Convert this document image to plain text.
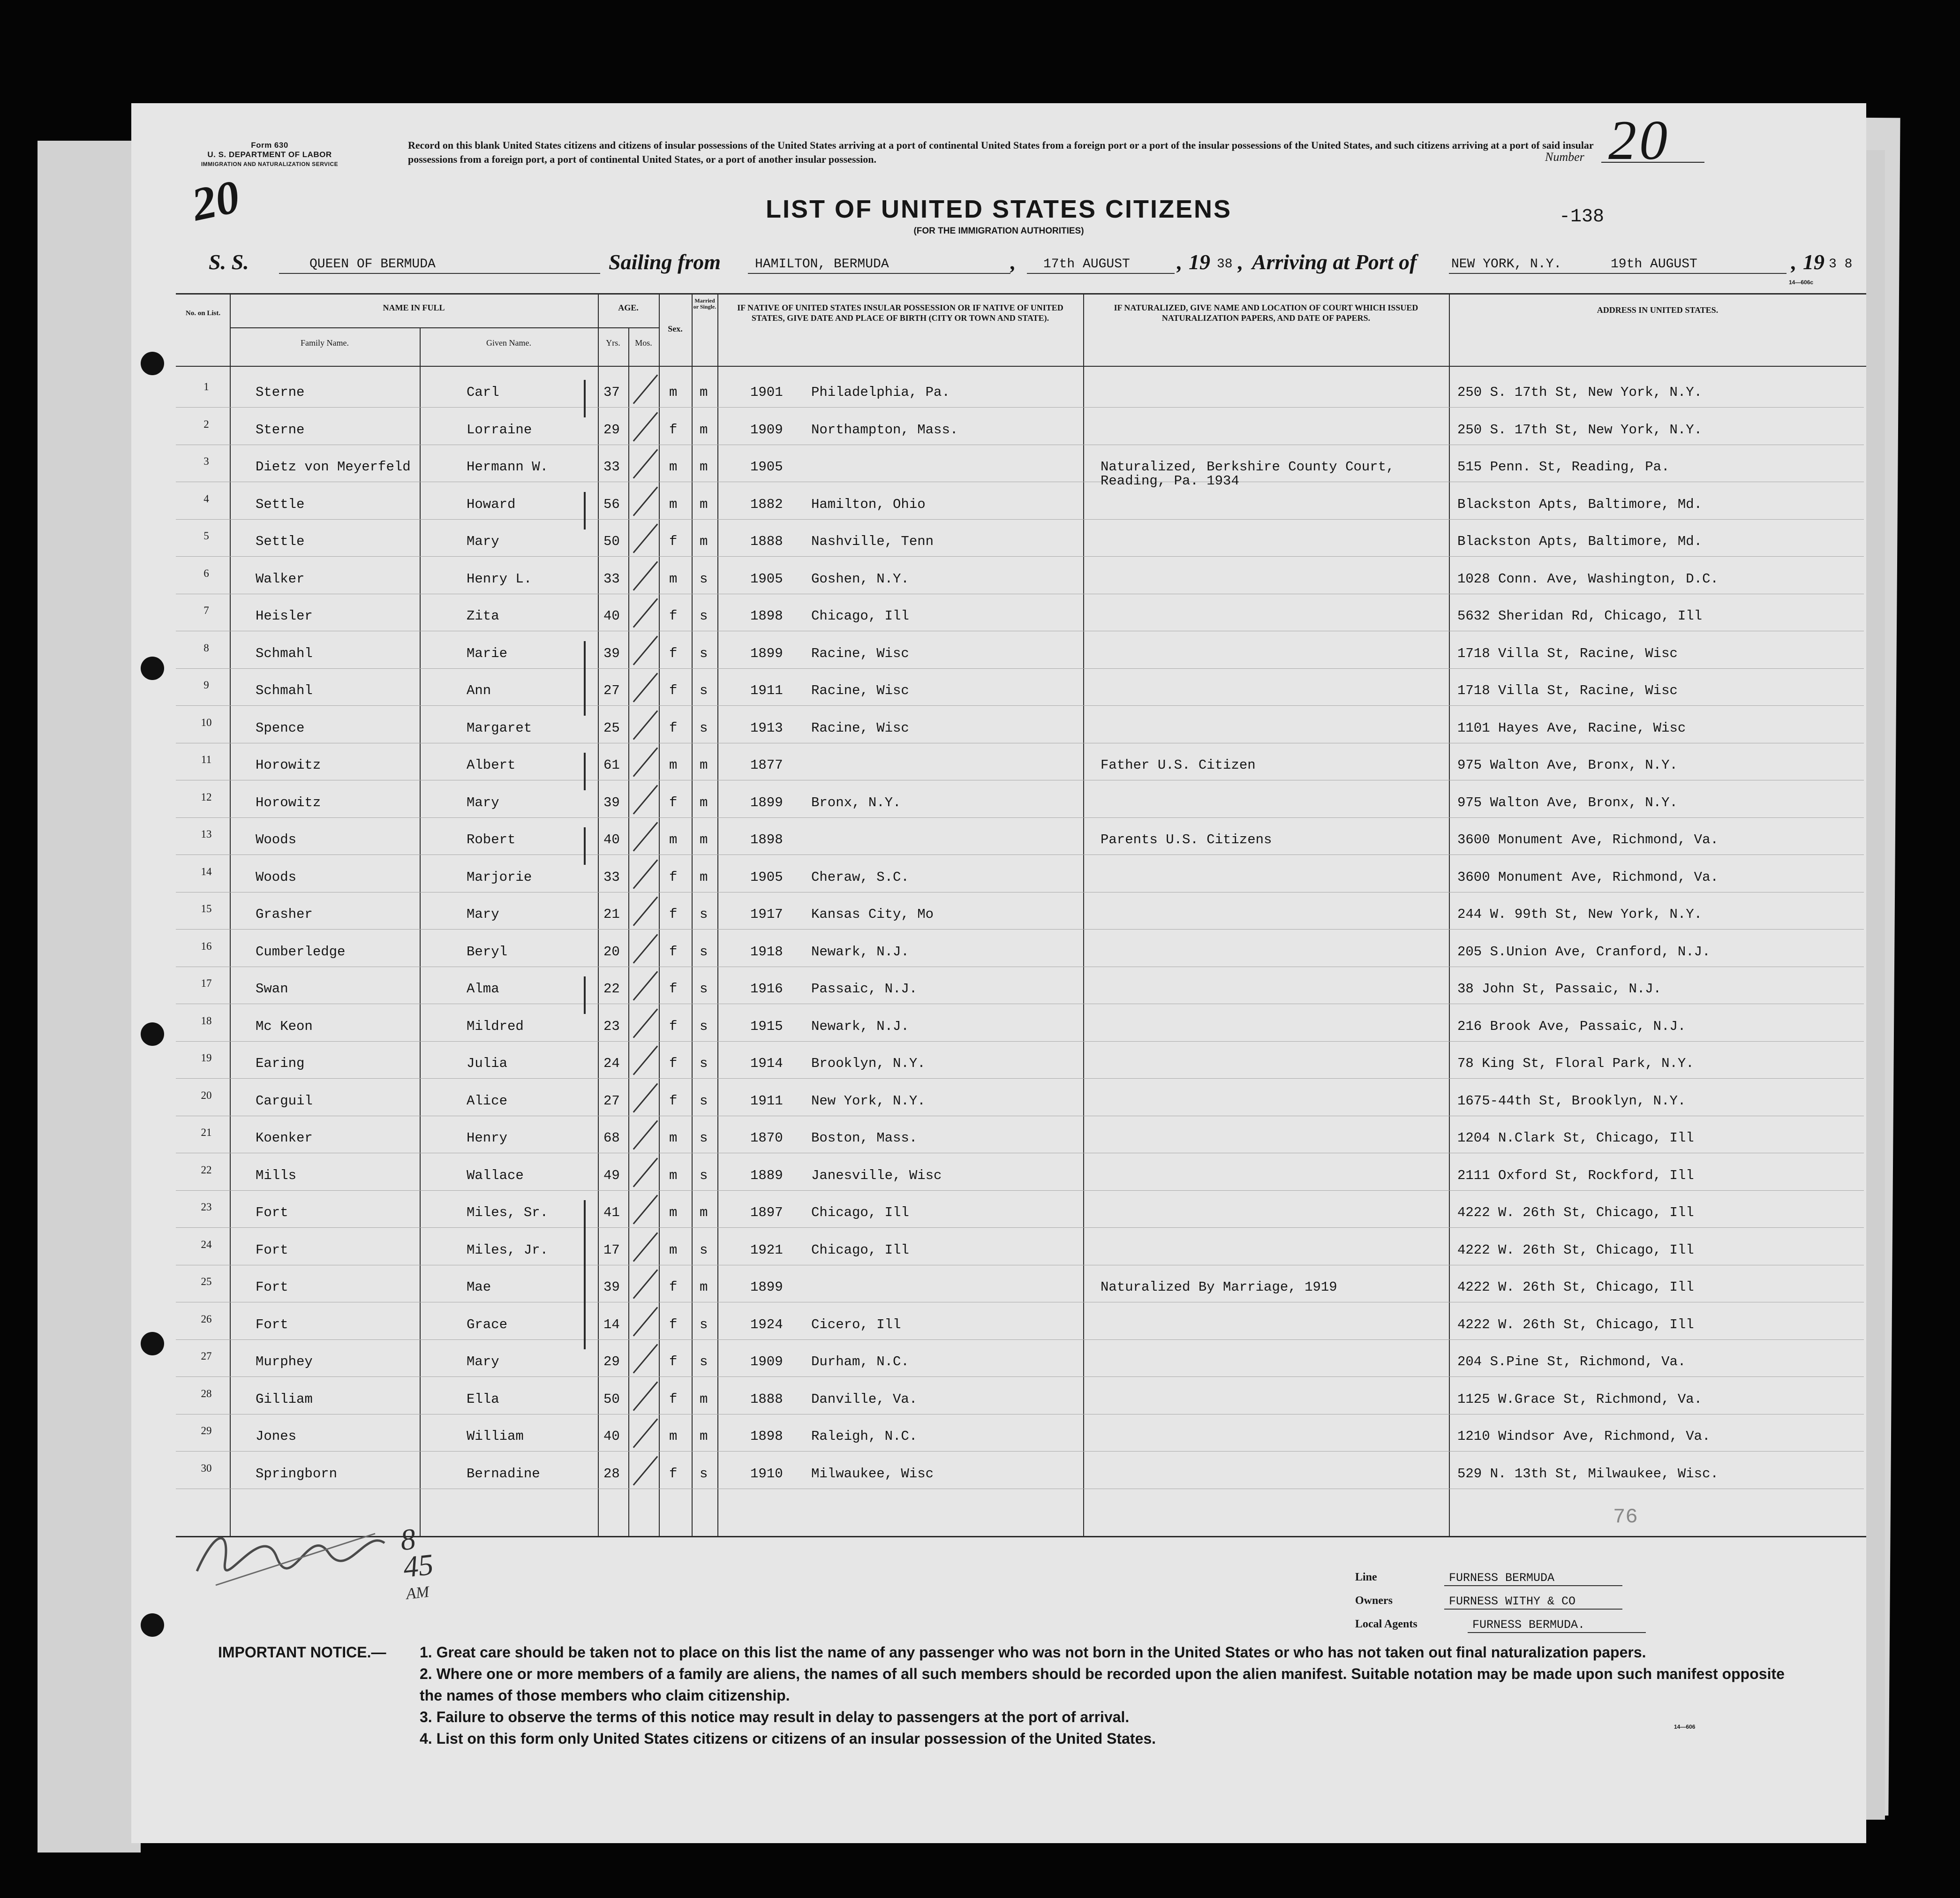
Form 630
U. S. DEPARTMENT OF LABOR
IMMIGRATION AND NATURALIZATION SERVICE
Record on this blank United States citizens and citizens of insular possessions of the United States arriving at a port of continental United States from a foreign port or a port of the insular possessions of the United States, and such citizens arriving at a port of said insular possessions from a foreign port, a port of continental United States, or a port of another insular possession.	Number 20
20	LIST OF UNITED STATES CITIZENS
(FOR THE IMMIGRATION AUTHORITIES)
-138
S. S.	QUEEN OF BERMUDA	Sailing from	HAMILTON, BERMUDA	, 17th AUGUST , 19 38 , Arriving at Port of	NEW YORK, N.Y.	19th AUGUST	, 19 3 8
14—606c
No. on List.
NAME IN FULL
Family Name.	Given Name.
AGE.
Yrs.	Mos.
Sex.
Married or Single.	IF NATIVE OF UNITED STATES INSULAR POSSESSION OR IF NATIVE OF UNITED STATES, GIVE DATE AND PLACE OF BIRTH (CITY OR TOWN AND STATE).
IF NATURALIZED, GIVE NAME AND LOCATION OF COURT WHICH ISSUED NATURALIZATION PAPERS, AND DATE OF PAPERS.
ADDRESS IN UNITED STATES.
1	Sterne	Carl	37	m m	1901 Philadelphia, Pa.	250 S. 17th St, New York, N.Y.
2	Sterne	Lorraine	29	f m	1909 Northampton, Mass.	250 S. 17th St, New York, N.Y.
3	Dietz von Meyerfeld	Hermann W.	33	m m	1905	Naturalized, Berkshire County Court,	515 Penn. St, Reading, Pa.
Reading, Pa. 1934
4	Settle	Howard	56	m m	1882 Hamilton, Ohio	Blackston Apts, Baltimore, Md.
5	Settle	Mary	50	f m	1888 Nashville, Tenn	Blackston Apts, Baltimore, Md.
6	Walker	Henry L.	33	m s	1905 Goshen, N.Y.	1028 Conn. Ave, Washington, D.C.
7	Heisler	Zita	40	f s	1898 Chicago, Ill	5632 Sheridan Rd, Chicago, Ill
8	Schmahl	Marie	39	f s	1899 Racine, Wisc	1718 Villa St, Racine, Wisc
9	Schmahl	Ann	27	f s	1911 Racine, Wisc	1718 Villa St, Racine, Wisc
10	Spence	Margaret	25	f s	1913 Racine, Wisc	1101 Hayes Ave, Racine, Wisc
11	Horowitz	Albert	61	m m	1877	Father U.S. Citizen	975 Walton Ave, Bronx, N.Y.
12	Horowitz	Mary	39	f m	1899 Bronx, N.Y.	975 Walton Ave, Bronx, N.Y.
13	Woods	Robert	40	m m	1898	Parents U.S. Citizens	3600 Monument Ave, Richmond, Va.
14	Woods	Marjorie	33	f m	1905 Cheraw, S.C.	3600 Monument Ave, Richmond, Va.
15	Grasher	Mary	21	f s	1917 Kansas City, Mo	244 W. 99th St, New York, N.Y.
16	Cumberledge	Beryl	20	f s	1918 Newark, N.J.	205 S.Union Ave, Cranford, N.J.
17	Swan	Alma	22	f s	1916 Passaic, N.J.	38 John St, Passaic, N.J.
18	Mc Keon	Mildred	23	f s	1915 Newark, N.J.	216 Brook Ave, Passaic, N.J.
19	Earing	Julia	24	f s	1914 Brooklyn, N.Y.	78 King St, Floral Park, N.Y.
20	Carguil	Alice	27	f s	1911 New York, N.Y.	1675-44th St, Brooklyn, N.Y.
21	Koenker	Henry	68	m s	1870 Boston, Mass.	1204 N.Clark St, Chicago, Ill
22	Mills	Wallace	49	m s	1889 Janesville, Wisc	2111 Oxford St, Rockford, Ill
23	Fort	Miles, Sr.	41	m m	1897 Chicago, Ill	4222 W. 26th St, Chicago, Ill
24	Fort	Miles, Jr.	17	m s	1921 Chicago, Ill	4222 W. 26th St, Chicago, Ill
25	Fort	Mae	39	f m	1899	Naturalized By Marriage, 1919	4222 W. 26th St, Chicago, Ill
26	Fort	Grace	14	f s	1924 Cicero, Ill	4222 W. 26th St, Chicago, Ill
27	Murphey	Mary	29	f s	1909 Durham, N.C.	204 S.Pine St, Richmond, Va.
28	Gilliam	Ella	50	f m	1888 Danville, Va.	1125 W.Grace St, Richmond, Va.
29	Jones	William	40	m m	1898 Raleigh, N.C.	1210 Windsor Ave, Richmond, Va.
30	Springborn	Bernadine	28	f s	1910 Milwaukee, Wisc	529 N. 13th St, Milwaukee, Wisc.
8 45
AM
76
Line	FURNESS BERMUDA
Owners	FURNESS WITHY & CO
Local Agents	FURNESS BERMUDA.
IMPORTANT NOTICE.— 1. Great care should be taken not to place on this list the name of any passenger who was not born in the United States or who has not taken out final naturalization papers.
2. Where one or more members of a family are aliens, the names of all such members should be recorded upon the alien manifest. Suitable notation may be made upon such manifest opposite the names of those members who claim citizenship.
3. Failure to observe the terms of this notice may result in delay to passengers at the port of arrival.
4. List on this form only United States citizens or citizens of an insular possession of the United States.
14—606
